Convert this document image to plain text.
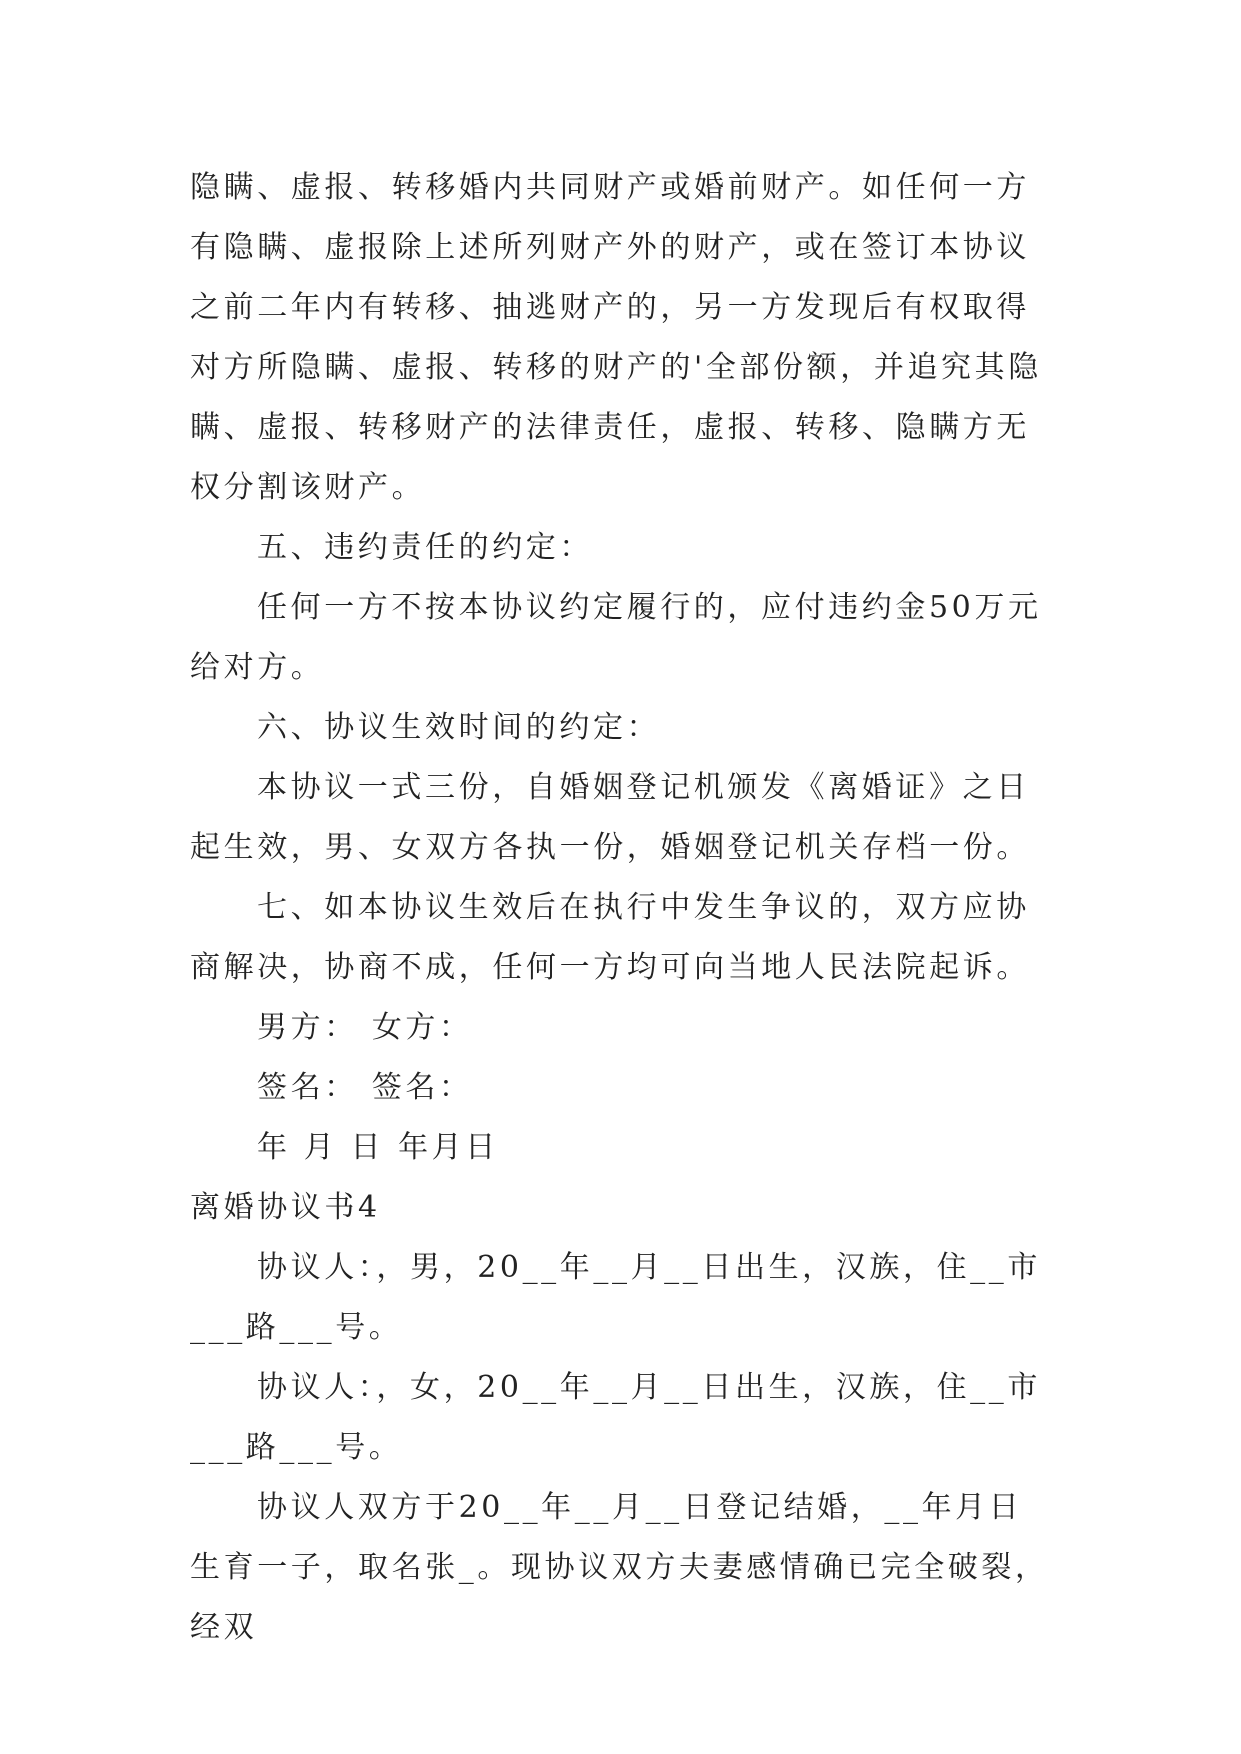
隐瞒、虚报、转移婚内共同财产或婚前财产。如任何一方有隐瞒、虚报除上述所列财产外的财产，或在签订本协议之前二年内有转移、抽逃财产的，另一方发现后有权取得对方所隐瞒、虚报、转移的财产的'全部份额，并追究其隐瞒、虚报、转移财产的法律责任，虚报、转移、隐瞒方无权分割该财产。

五、违约责任的约定：

任何一方不按本协议约定履行的，应付违约金50万元给对方。

六、协议生效时间的约定：

本协议一式三份，自婚姻登记机颁发《离婚证》之日起生效，男、女双方各执一份，婚姻登记机关存档一份。

七、如本协议生效后在执行中发生争议的，双方应协商解决，协商不成，任何一方均可向当地人民法院起诉。

男方： 女方：

签名： 签名：

年 月 日 年月日

离婚协议书4

协议人：，男，20__年__月__日出生，汉族，住__市___路___号。

协议人：，女，20__年__月__日出生，汉族，住__市___路___号。

协议人双方于20__年__月__日登记结婚，__年月日生育一子，取名张_。现协议双方夫妻感情确已完全破裂，经双
